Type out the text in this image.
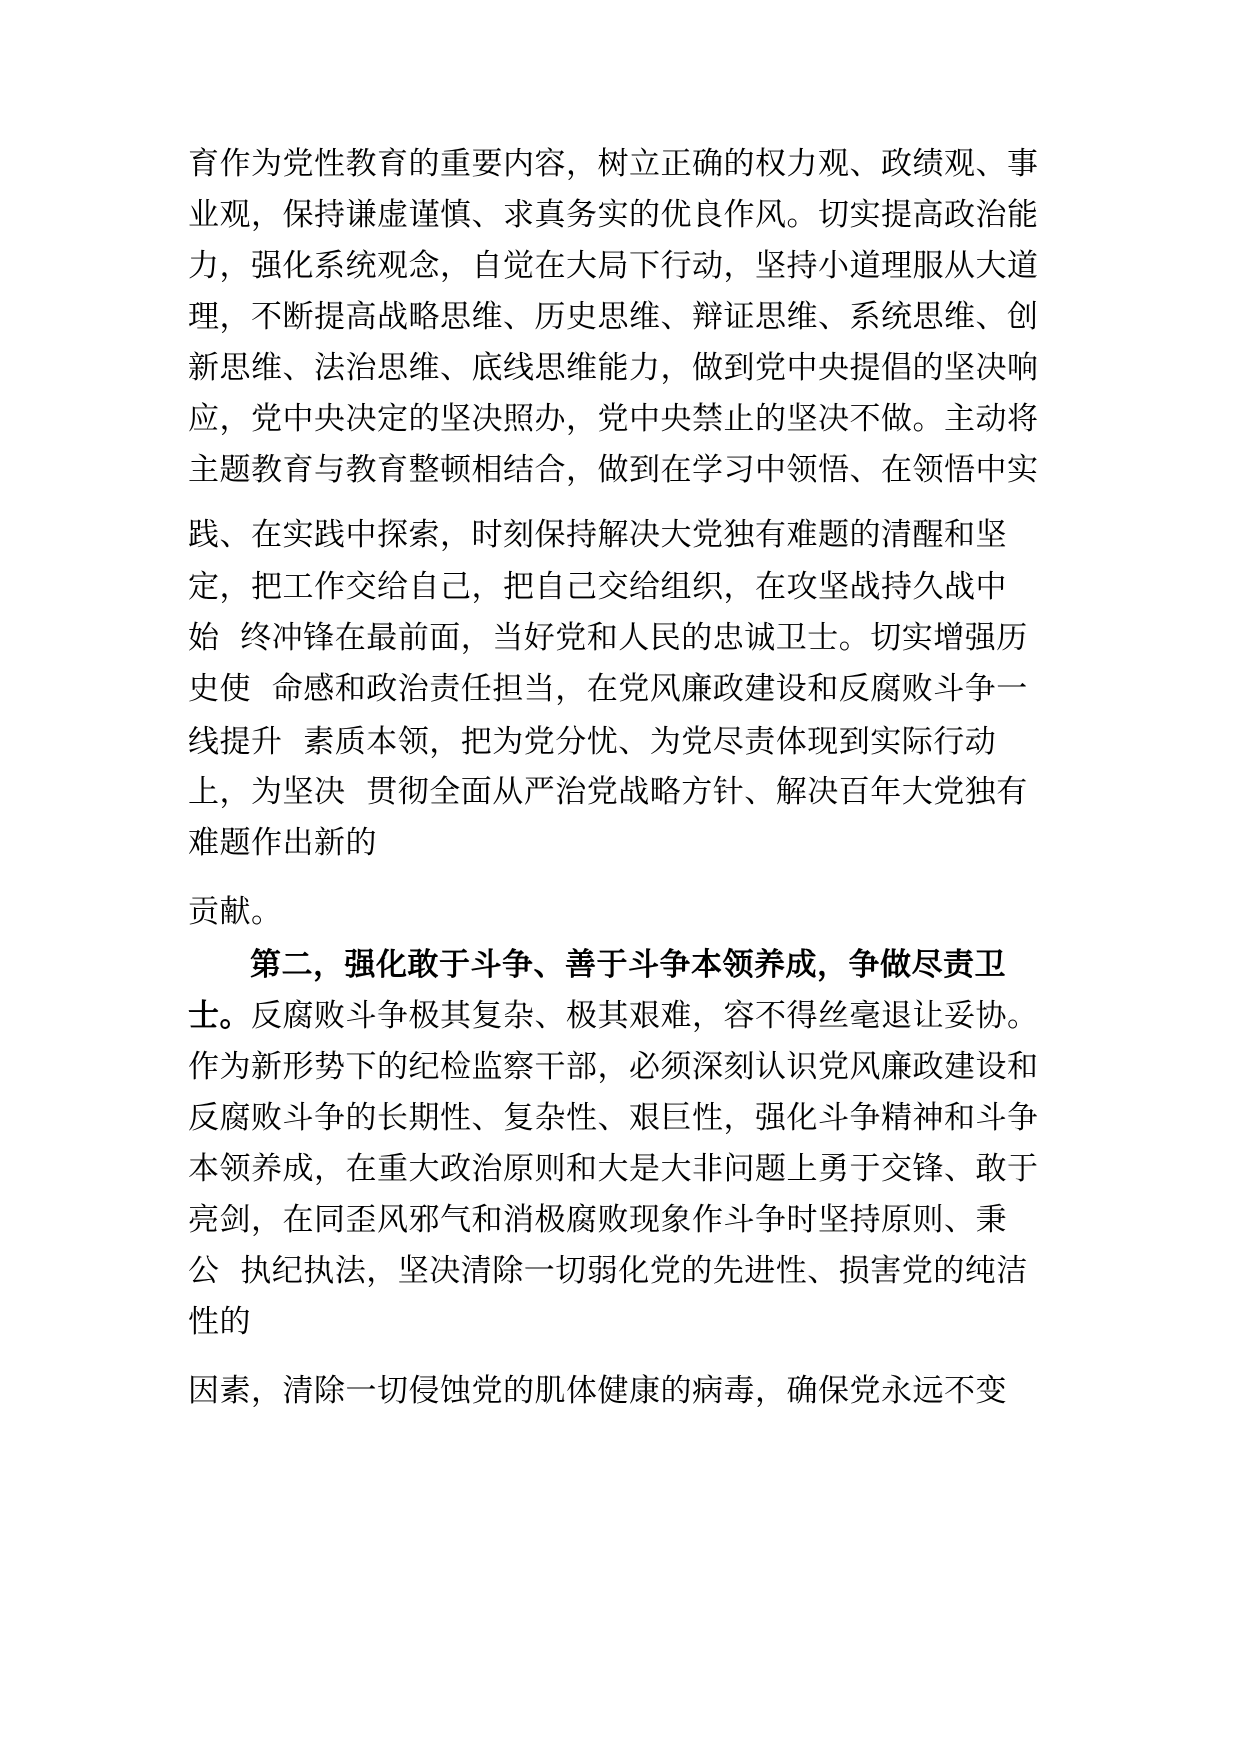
育作为党性教育的重要内容，树立正确的权力观、政绩观、事
业观，保持谦虚谨慎、求真务实的优良作风。切实提高政治能
力，强化系统观念，自觉在大局下行动，坚持小道理服从大道
理，不断提高战略思维、历史思维、辩证思维、系统思维、创
新思维、法治思维、底线思维能力，做到党中央提倡的坚决响
应，党中央决定的坚决照办，党中央禁止的坚决不做。主动将
主题教育与教育整顿相结合，做到在学习中领悟、在领悟中实
践、在实践中探索，时刻保持解决大党独有难题的清醒和坚
定，把工作交给自己，把自己交给组织，在攻坚战持久战中
始  终冲锋在最前面，当好党和人民的忠诚卫士。切实增强历
史使  命感和政治责任担当，在党风廉政建设和反腐败斗争一
线提升  素质本领，把为党分忧、为党尽责体现到实际行动
上，为坚决  贯彻全面从严治党战略方针、解决百年大党独有
难题作出新的
贡献。
第二，强化敢于斗争、善于斗争本领养成，争做尽责卫
士。反腐败斗争极其复杂、极其艰难，容不得丝毫退让妥协。
作为新形势下的纪检监察干部，必须深刻认识党风廉政建设和
反腐败斗争的长期性、复杂性、艰巨性，强化斗争精神和斗争
本领养成，在重大政治原则和大是大非问题上勇于交锋、敢于
亮剑，在同歪风邪气和消极腐败现象作斗争时坚持原则、秉
公  执纪执法，坚决清除一切弱化党的先进性、损害党的纯洁
性的
因素，清除一切侵蚀党的肌体健康的病毒，确保党永远不变
